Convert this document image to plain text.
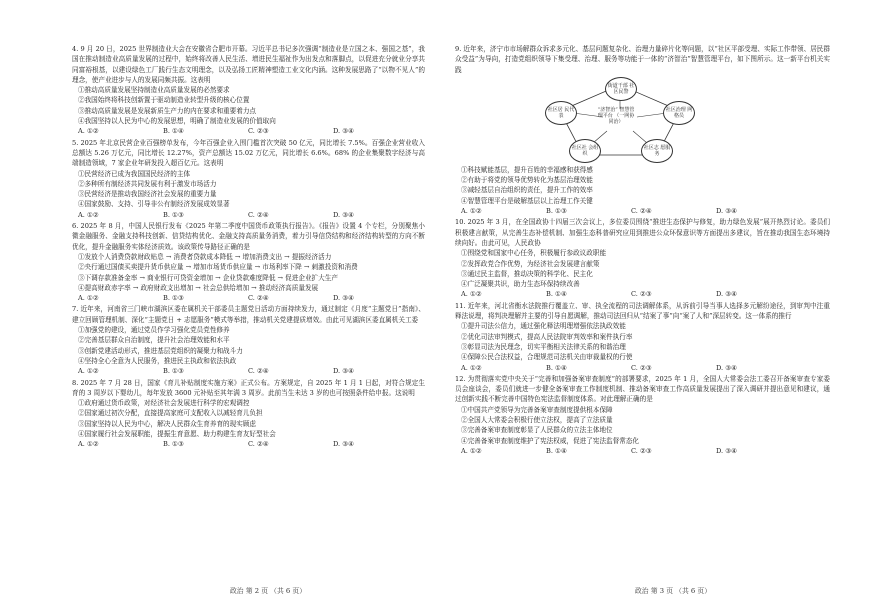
4. 9 月 20 日，2025 世界制造业大会在安徽省合肥市开幕。习近平总书记多次强调“制造业是立国之本、强国之基”，我国在推动制造业高质量发展的过程中，始终将改善人民生活、增进民生福祉作为出发点和落脚点，以促进充分就业分享共同富裕根基，以建设绿色工厂践行生态文明理念，以及弘扬工匠精神塑造工业文化内涵。这种发展思路了“以物不见人”的理念，使产业进步与人的发展同频共振。这表明

①推动高质量发展坚持制造业高质量发展的必然要求

②我国始终将科技创新置于驱动制造业转型升级的核心位置

③推动高质量发展是发展新质生产力的内在要求和重要着力点

④我国坚持以人民为中心的发展思想，明确了制造业发展的价值取向

A. ①②	B. ①④	C. ②③	D. ③④

5. 2025 年北京民营企业百强榜单发布，今年百强企业入围门槛首次突破 50 亿元，同比增长 7.5%。百强企业营业收入总额达 5.26 万亿元，同比增长 12.27%，资产总额达 15.02 万亿元，同比增长 6.6%。68% 的企业集聚数字经济与高端制造领域，7 家企业年研发投入超百亿元。这表明

①民营经济已成为我国国民经济的主体

②多种所有制经济共同发展有利于激发市场活力

③民营经济是推动我国经济社会发展的重要力量

④国家鼓励、支持、引导非公有制经济发展成效显著

A. ①②	B. ①③	C. ②④	D. ③④

6. 2025 年 8 月，中国人民银行发布《2025 年第二季度中国货币政策执行报告》。《报告》设置 4 个专栏，分别聚焦小微金融服务、金融支持科技创新、信贷结构优化、金融支持高质量务消费，着力引导信贷结构和经济结构转型的方向不断优化，提升金融服务实体经济质效。该政策传导路径正确的是

①发放个人消费贷款财政贴息 → 消费者贷款成本降低 → 增加消费支出 → 提振经济活力

②央行通过国债买卖提升货币供应量 → 增加市场货币供应量 → 市场利率下降 → 刺激投资和消费

③下调存款准备金率 → 商业银行可贷资金增加 → 企业贷款难度降低 → 促进企业扩大生产

④提高财政赤字率 → 政府财政支出增加 → 社会总供给增加 → 推动经济高质量发展

A. ①②	B. ①③	C. ②④	D. ③④

7. 近年来，河南省三门峡市湖滨区委在属机关干部委员主题党日活动方面持续发力，通过制定《月度“主题党日”指南》、建立回顾管理机制、深化“主题党日 + 志愿服务”模式等举措，推动机关党建提质增效。由此可见湖滨区委直属机关工委

①加强党的建设，通过党员作学习强化党员党性修养

②完善基层群众自治制度，提升社会治理效能和水平

③创新党建活动形式，推进基层党组织的凝聚力和战斗力

④坚持全心全意为人民服务，推进民主执政和依法执政

A. ①②	B. ①③	C. ②④	D. ③④

8. 2025 年 7 月 28 日，国家《育儿补贴制度实施方案》正式公布。方案规定，自 2025 年 1 月 1 日起，对符合规定生育的 3 周岁以下婴幼儿，每年发放 3600 元补贴至其年满 3 周岁。此前当生未达 3 岁的也可按照条件给申报。这说明

①政府通过货币政策，对经济社会发展进行科学的宏观调控

②国家通过初次分配，直接提高家庭可支配收入以减轻育儿负担

③国家坚持以人民为中心，解决人民群众生育养育的现实顾虑

④国家履行社会发展职能，提振生育意愿、助力构建生育友好型社会

A. ①②	B. ①③	C. ②④	D. ③④
政治 第 2 页 （共 6 页）

9. 近年来，济宁市市场解群众诉求多元化、基层问题复杂化、治理力量碎片化等问题，以“社区平部受理、实际工作带领、居民群众受益”为导向，打造党组织领导下集受理、治理、服务等功能于一体的“济智治”智慧管理平台，如下图所示。这一新平台机关实践

街道干部 社区民警
社区治理 网格员
社区志 愿服务
社区社 会组织
社区居 民代表
“济智治” 智慧管理平台 （一网协同治）

①科技赋能基层，提升百姓的幸福感和获得感

②有助于将党的领导优势转化为基层治理效能

③减轻基层自治组织的责任，提升工作的效率

④智慧管理平台是破解基层以上治理工作关键

A. ①②	B. ①③	C. ②④	D. ③④

10. 2025 年 3 月，在全国政协十四届三次会议上，多位委员围绕“推进生态保护与修复，助力绿色发展”展开热烈讨论。委员们积极建言献策，从完善生态补偿机制、加强生态科普研究应用到推进公众环保意识等方面提出多建议，旨在推动我国生态环境持续向好。由此可见，人民政协

①围绕党和国家中心任务，积极履行参政议政职能

②发挥政党合作优势，为经济社会发展建言献策

③通过民主监督，推动决策的科学化、民主化

④广泛凝聚共识，助力生态环保持续改善

A. ①②	B. ①④	C. ②③	D. ③④

11. 近年来，河北省衡水法院推行覆盖立、审、执全流程的司法调解体系，从诉前引导当事人选择多元解纷途径，到审判中注重释法说理，将判决理解并主要的引导自愿调解，推动司法回归从“结案了事”向“案了人和”深层转变。这一体系的推行

①提升司法公信力，通过强化释法明理增强依法执政效能

②优化司法审判模式，提高人民法院审判效率和案件执行率

③彰显司法为民理念，切实平衡相关法律关系的和谐治理

④保障公民合法权益，合理规范司法机关由审裁量权的行使

A. ①②	B. ①④	C. ②③	D. ③④

12. 为贯彻落实党中央关于“完善和加强备案审查制度”的部署要求，2025 年 1 月，全国人大常委会法工委召开备案审查专家委员会座谈会，委员们就进一步健全备案审查工作制度机制、推动备案审查工作高质量发展提出了深入调研并提出意见和建议，通过创新实践不断完善中国特色宪法监督制度体系。对此理解正确的是

①中国共产党领导为完善备案审查制度提供根本保障

②全国人大常委会积极行使立法权，提高了立法质量

③完善备案审查制度彰显了人民群众的立法主体地位

④完善备案审查制度维护了宪法权威，促进了宪法监督常态化

A. ①②	B. ①④	C. ②③	D. ③④
政治 第 3 页 （共 6 页）
